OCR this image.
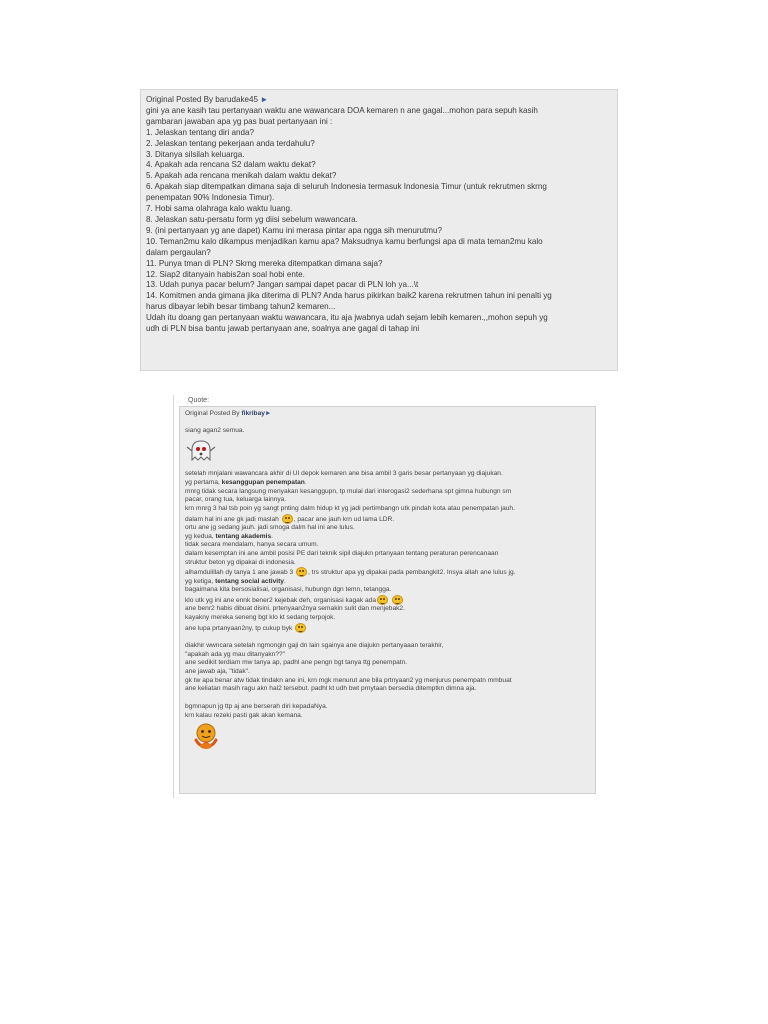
Original Posted By barudake45 ►
gini ya ane kasih tau pertanyaan waktu ane wawancara DOA kemaren n ane gagal...mohon para sepuh kasih
gambaran jawaban apa yg pas buat pertanyaan ini :
1. Jelaskan tentang diri anda?
2. Jelaskan tentang pekerjaan anda terdahulu?
3. Ditanya silsilah keluarga.
4. Apakah ada rencana S2 dalam waktu dekat?
5. Apakah ada rencana menikah dalam waktu dekat?
6. Apakah siap ditempatkan dimana saja di seluruh Indonesia termasuk Indonesia Timur (untuk rekrutmen skrng
penempatan 90% Indonesia Timur).
7. Hobi sama olahraga kalo waktu luang.
8. Jelaskan satu-persatu form yg diisi sebelum wawancara.
9. (ini pertanyaan yg ane dapet) Kamu ini merasa pintar apa ngga sih menurutmu?
10. Teman2mu kalo dikampus menjadikan kamu apa? Maksudnya kamu berfungsi apa di mata teman2mu kalo
dalam pergaulan?
11. Punya tman di PLN? Skrng mereka ditempatkan dimana saja?
12. Siap2 ditanyain habis2an soal hobi ente.
13. Udah punya pacar belum? Jangan sampai dapet pacar di PLN loh ya...\t
14. Komitmen anda gimana jika diterima di PLN? Anda harus pikirkan baik2 karena rekrutmen tahun ini penalti yg
harus dibayar lebih besar timbang tahun2 kemaren...
Udah itu doang gan pertanyaan waktu wawancara, itu aja jwabnya udah sejam lebih kemaren.,,mohon sepuh yg
udh di PLN bisa bantu jawab pertanyaan ane, soalnya ane gagal di tahap ini
Quote:
Original Posted By fikribay►
siang agan2 semua.
setelah mnjalani wawancara akhir di UI depok kemaren ane bisa ambil 3 garis besar pertanyaan yg diajukan.
yg pertama, kesanggupan penempatan.
mnrg tidak secara langsung menyakan kesanggupn, tp mulai dari interogasi2 sederhana spt gimna hubungn sm
pacar, orang tua, keluarga lainnya.
krn mnrg 3 hal tsb poin yg sangt pnting dalm hidup kt yg jadi pertimbangn utk pindah kota atau penempatan jauh.
dalam hal ini ane gk jadi maslah , pacar ane jauh krn ud lama LDR.
ortu ane jg sedang jauh. jadi smoga dalm hal ini ane lulus.
yg kedua, tentang akademis.
tidak secara mendalam, hanya secara umum.
dalam kesemptan ini ane ambil posisi PE dari teknik sipil diajukn prtanyaan tentang peraturan perencanaan
struktur beton yg dipakai di indonesia.
alhamdulillah dy tanya 1 ane jawab 3 , trs struktur apa yg dipakai pada pembangkit2. Insya allah ane lulus jg.
yg ketiga, tentang social activity.
bagaimana kita bersosialisai, organisasi, hubungn dgn temn, tetangga.
klo utk yg ini ane ennk bener2 kejebak deh, organisasi kagak ada
ane benr2 habis dibuat disini. prtenyaan2nya semakin sulit dan menjebak2.
kayakny mereka seneng bgt klo kt sedang terpojok.
ane lupa prtanyaan2ny, tp cukup byk
diakhir wwncara setelah ngmongin gaji dn lain sgainya ane diajukn pertanyaaan terakhir,
"apakah ada yg mau ditanyakn??"
ane sedikit terdiam mw tanya ap, padhl ane pengn bgt tanya ttg penempatn.
ane jawab aja, "tidak".
gk tw apa benar atw tidak tindakn ane ini, krn mgk menurut ane bila prtnyaan2 yg menjurus penempatn mmbuat
ane keliatan masih ragu akn hal2 tersebut. padhl kt udh bwt prnytaan bersedia ditemptkn dimna aja.
bgmnapun jg ttp aj ane berserah diri kepadaNya.
krn kalau rezeki pasti gak akan kemana.
